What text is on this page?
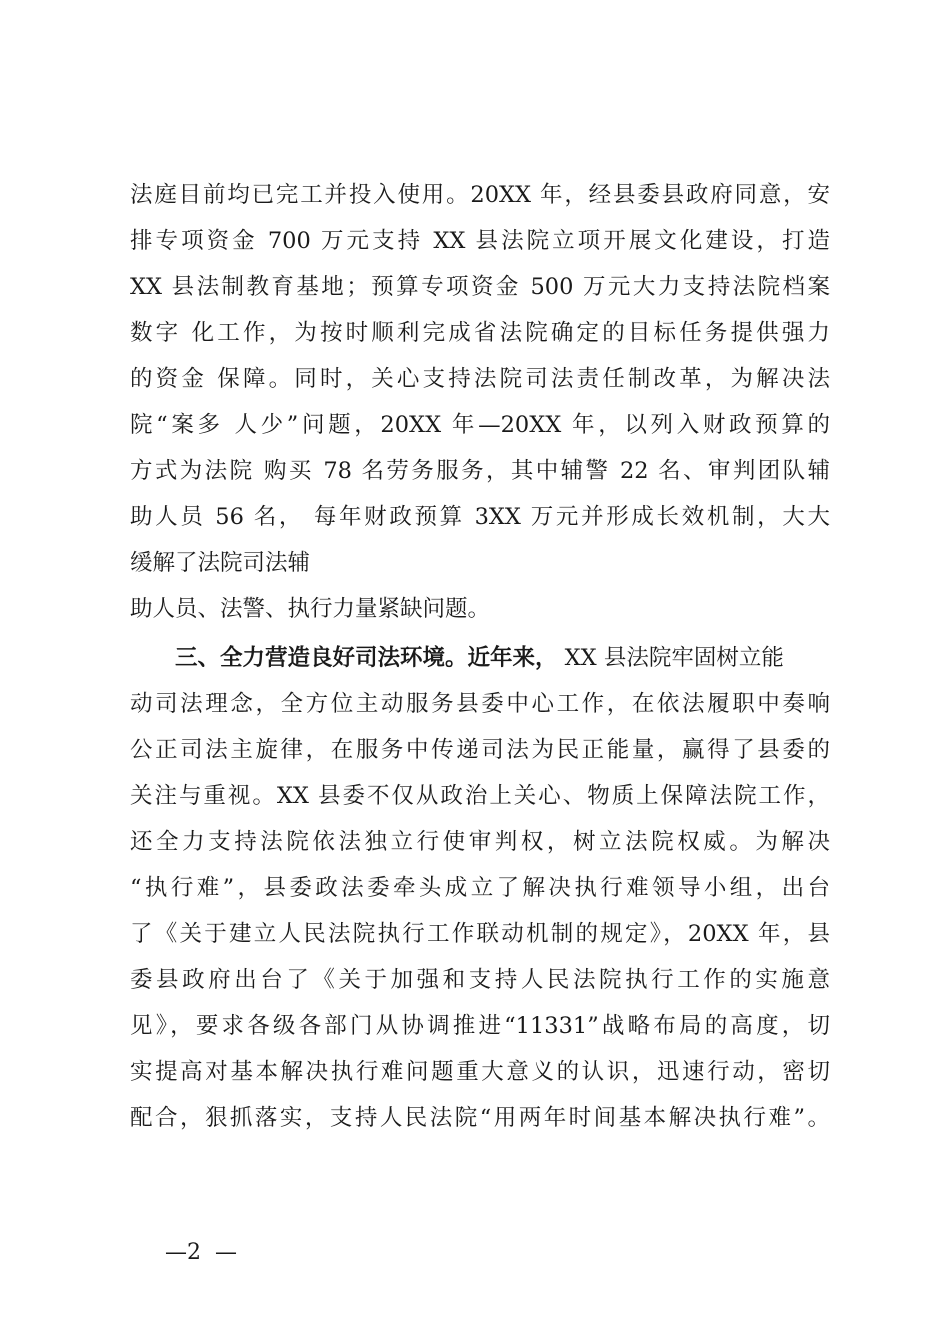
法庭目前均已完工并投入使用。20XX 年，经县委县政府同意，安
排专项资金 700 万元支持 XX 县法院立项开展文化建设，打造
XX 县法制教育基地；预算专项资金 500 万元大力支持法院档案
数字 化工作，为按时顺利完成省法院确定的目标任务提供强力
的资金 保障。同时，关心支持法院司法责任制改革，为解决法
院“案多 人少”问题，20XX 年—20XX 年，以列入财政预算的
方式为法院 购买 78 名劳务服务，其中辅警 22 名、审判团队辅
助人员 56 名， 每年财政预算 3XX 万元并形成长效机制，大大
缓解了法院司法辅
助人员、法警、执行力量紧缺问题。
三、全力营造良好司法环境。近年来， XX 县法院牢固树立能
动司法理念，全方位主动服务县委中心工作，在依法履职中奏响
公正司法主旋律，在服务中传递司法为民正能量，赢得了县委的
关注与重视。XX 县委不仅从政治上关心、物质上保障法院工作，
还全力支持法院依法独立行使审判权，树立法院权威。为解决
“执行难”，县委政法委牵头成立了解决执行难领导小组，出台
了《关于建立人民法院执行工作联动机制的规定》，20XX 年，县
委县政府出台了《关于加强和支持人民法院执行工作的实施意
见》，要求各级各部门从协调推进“11331”战略布局的高度，切
实提高对基本解决执行难问题重大意义的认识，迅速行动，密切
配合，狠抓落实，支持人民法院“用两年时间基本解决执行难”。
—2  —
